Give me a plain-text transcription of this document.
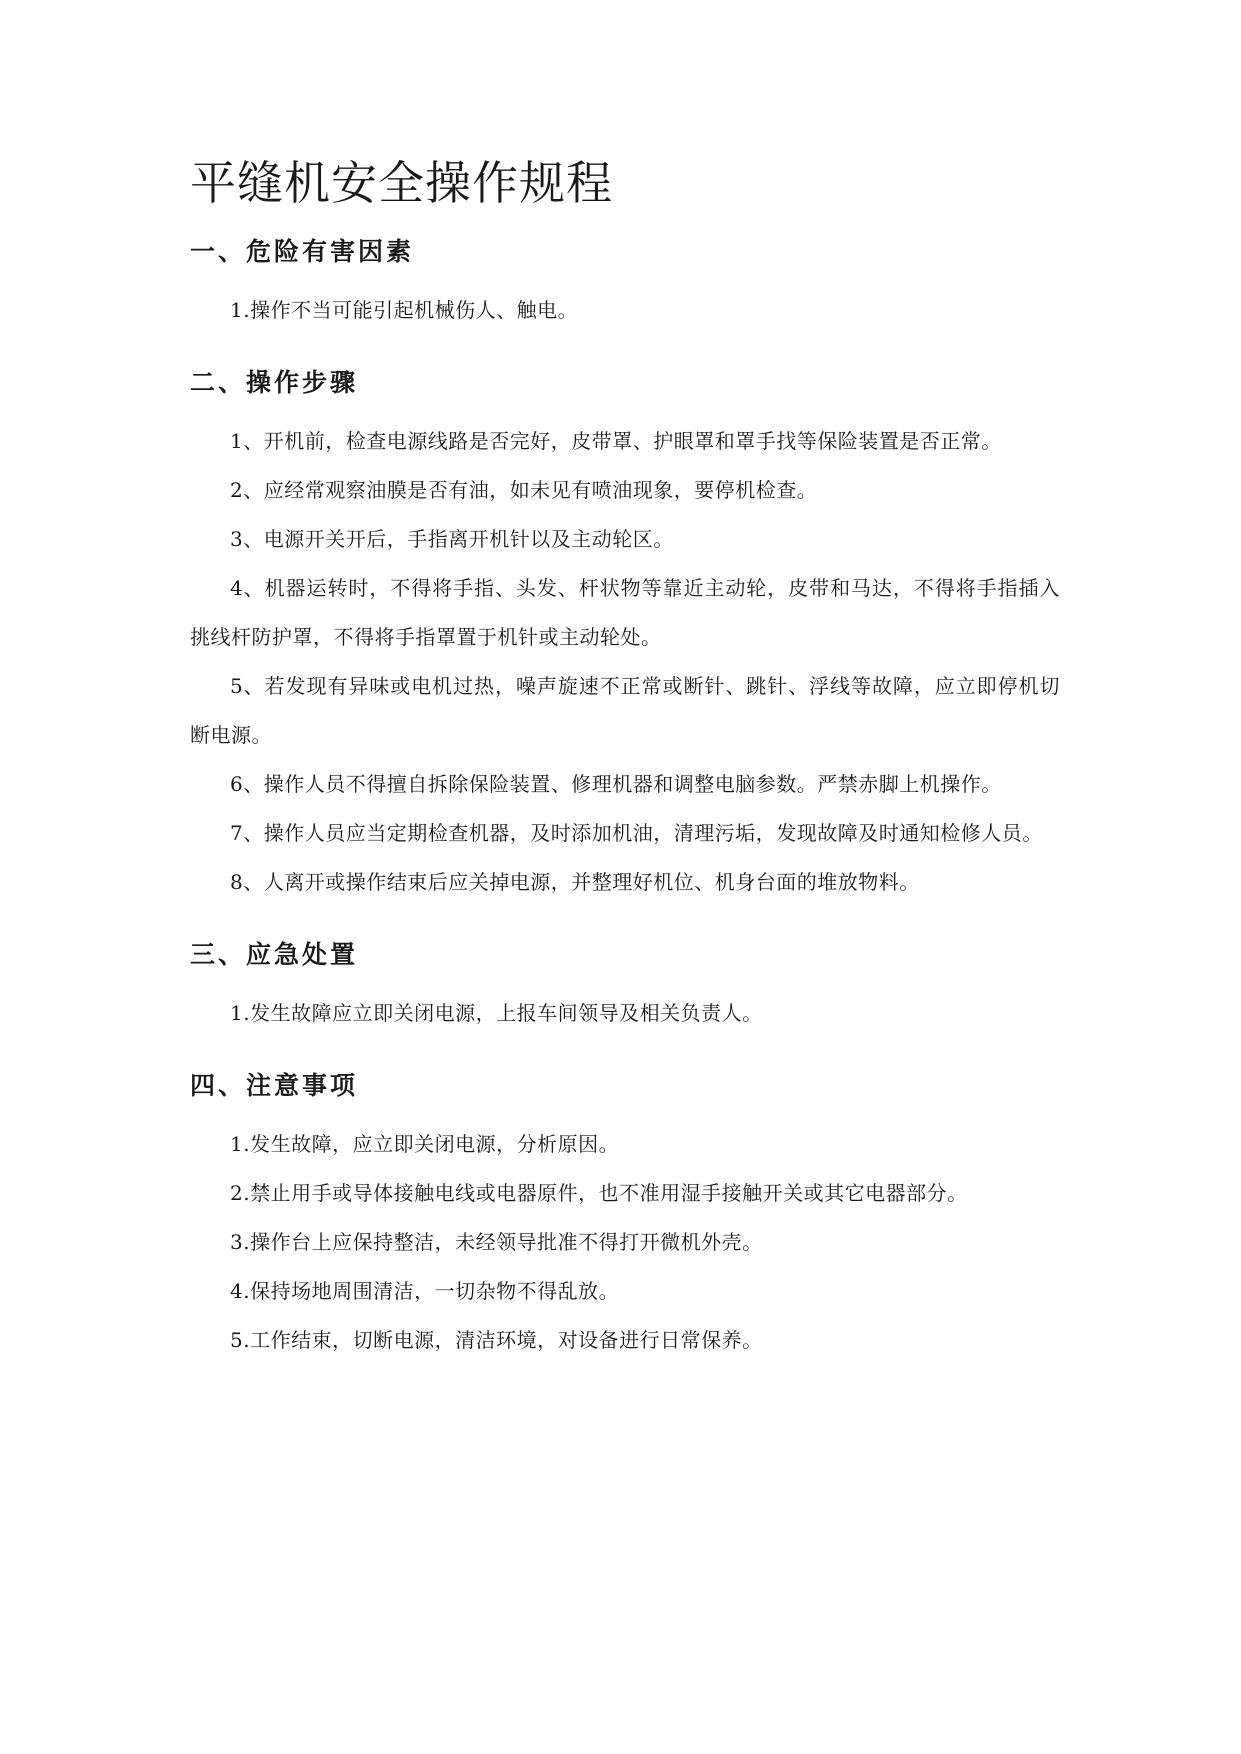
平缝机安全操作规程
一、危险有害因素
1.操作不当可能引起机械伤人、触电。
二、操作步骤
1、开机前，检查电源线路是否完好，皮带罩、护眼罩和罩手找等保险装置是否正常。
2、应经常观察油膜是否有油，如未见有喷油现象，要停机检查。
3、电源开关开后，手指离开机针以及主动轮区。
4、机器运转时，不得将手指、头发、杆状物等靠近主动轮，皮带和马达，不得将手指插入挑线杆防护罩，不得将手指罩置于机针或主动轮处。
5、若发现有异味或电机过热，噪声旋速不正常或断针、跳针、浮线等故障，应立即停机切断电源。
6、操作人员不得擅自拆除保险装置、修理机器和调整电脑参数。严禁赤脚上机操作。
7、操作人员应当定期检查机器，及时添加机油，清理污垢，发现故障及时通知检修人员。
8、人离开或操作结束后应关掉电源，并整理好机位、机身台面的堆放物料。
三、应急处置
1.发生故障应立即关闭电源，上报车间领导及相关负责人。
四、注意事项
1.发生故障，应立即关闭电源，分析原因。
2.禁止用手或导体接触电线或电器原件，也不准用湿手接触开关或其它电器部分。
3.操作台上应保持整洁，未经领导批准不得打开微机外壳。
4.保持场地周围清洁，一切杂物不得乱放。
5.工作结束，切断电源，清洁环境，对设备进行日常保养。
